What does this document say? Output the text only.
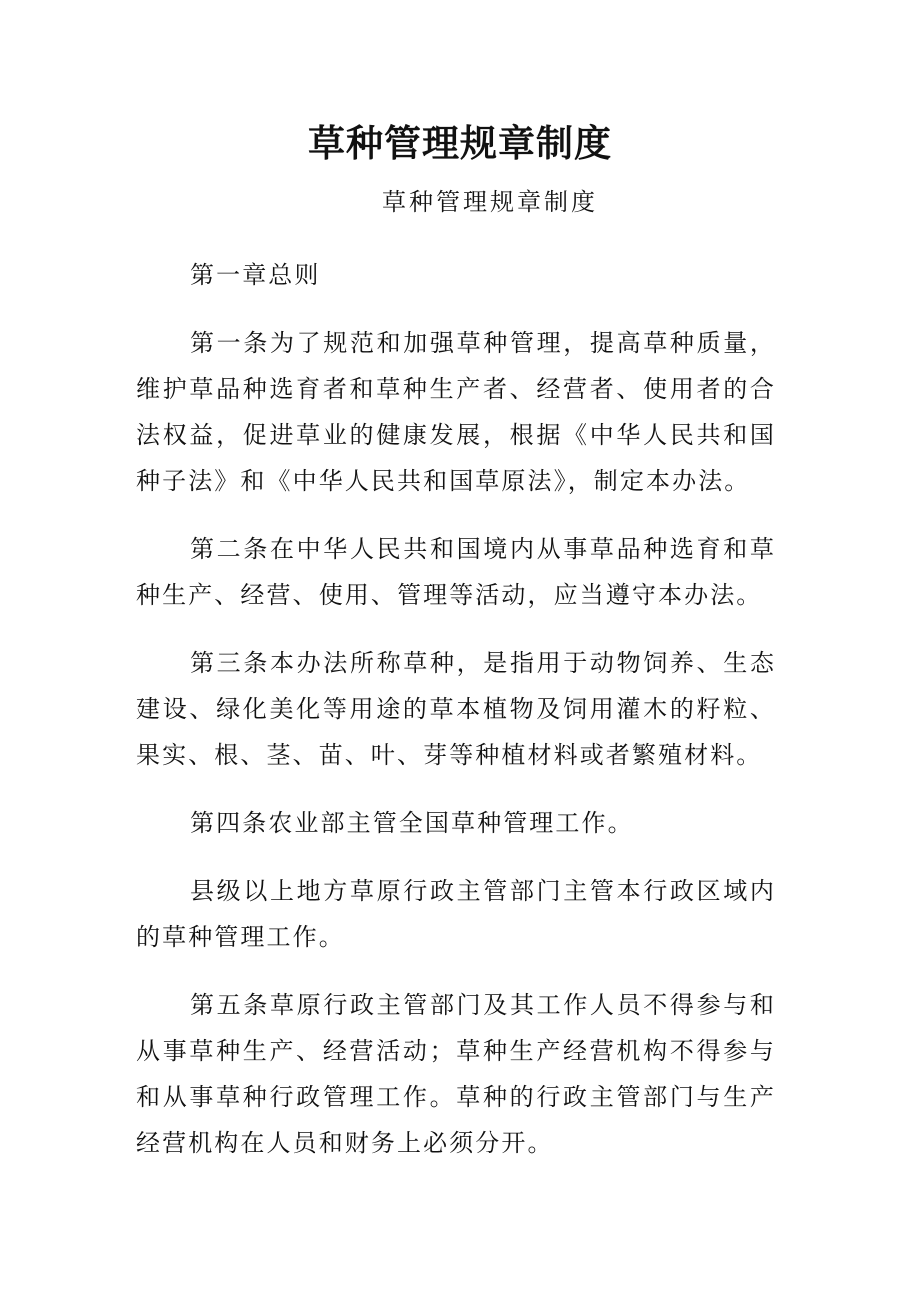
草种管理规章制度

草种管理规章制度

第一章总则

第一条为了规范和加强草种管理，提高草种质量，维护草品种选育者和草种生产者、经营者、使用者的合法权益，促进草业的健康发展，根据《中华人民共和国种子法》和《中华人民共和国草原法》，制定本办法。

第二条在中华人民共和国境内从事草品种选育和草种生产、经营、使用、管理等活动，应当遵守本办法。

第三条本办法所称草种，是指用于动物饲养、生态建设、绿化美化等用途的草本植物及饲用灌木的籽粒、果实、根、茎、苗、叶、芽等种植材料或者繁殖材料。

第四条农业部主管全国草种管理工作。

县级以上地方草原行政主管部门主管本行政区域内的草种管理工作。

第五条草原行政主管部门及其工作人员不得参与和从事草种生产、经营活动；草种生产经营机构不得参与和从事草种行政管理工作。草种的行政主管部门与生产经营机构在人员和财务上必须分开。
